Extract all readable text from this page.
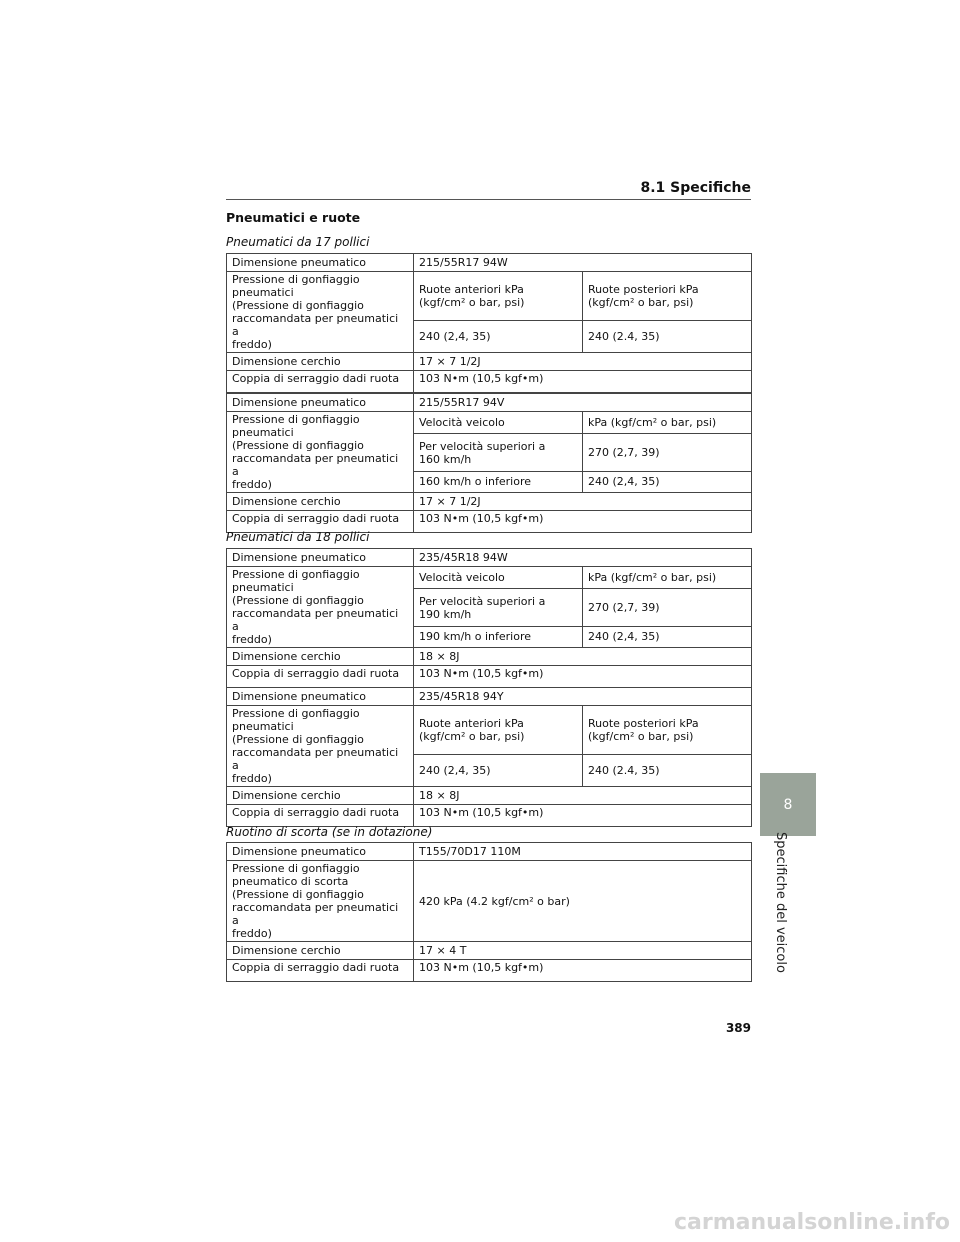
8.1 Specifiche
Pneumatici e ruote
Pneumatici da 17 pollici
Dimensione pneumatico	215/55R17 94W	

Pressione di gonfiaggio
pneumatici
(Pressione di gonfiaggio
raccomandata per pneumatici a
freddo)	Ruote anteriori kPa
(kgf/cm² o bar, psi)	Ruote posteriori kPa
(kgf/cm² o bar, psi)

	240 (2,4, 35)	240 (2.4, 35)
Dimensione cerchio	17 × 7 1/2J	
Coppia di serraggio dadi ruota	103 N•m (10,5 kgf•m)	
Dimensione pneumatico	215/55R17 94V	

Pressione di gonfiaggio
pneumatici
(Pressione di gonfiaggio
raccomandata per pneumatici a
freddo)	Velocità veicolo	kPa (kgf/cm² o bar, psi)

	Per velocità superiori a
160 km/h	270 (2,7, 39)
	160 km/h o inferiore	240 (2,4, 35)
Dimensione cerchio	17 × 7 1/2J	
Coppia di serraggio dadi ruota	103 N•m (10,5 kgf•m)	
Pneumatici da 18 pollici
Dimensione pneumatico	235/45R18 94W	

Pressione di gonfiaggio
pneumatici
(Pressione di gonfiaggio
raccomandata per pneumatici a
freddo)	Velocità veicolo	kPa (kgf/cm² o bar, psi)

	Per velocità superiori a
190 km/h	270 (2,7, 39)
	190 km/h o inferiore	240 (2,4, 35)
Dimensione cerchio	18 × 8J	
Coppia di serraggio dadi ruota	103 N•m (10,5 kgf•m)	
Dimensione pneumatico	235/45R18 94Y	

Pressione di gonfiaggio
pneumatici
(Pressione di gonfiaggio
raccomandata per pneumatici a
freddo)	Ruote anteriori kPa
(kgf/cm² o bar, psi)	Ruote posteriori kPa
(kgf/cm² o bar, psi)

	240 (2,4, 35)	240 (2.4, 35)
Dimensione cerchio	18 × 8J	
Coppia di serraggio dadi ruota	103 N•m (10,5 kgf•m)	
Ruotino di scorta (se in dotazione)
Dimensione pneumatico	T155/70D17 110M

Pressione di gonfiaggio
pneumatico di scorta
(Pressione di gonfiaggio
raccomandata per pneumatici a
freddo)	420 kPa (4.2 kgf/cm² o bar)
Dimensione cerchio	17 × 4 T
Coppia di serraggio dadi ruota	103 N•m (10,5 kgf•m)
8
Specifiche del veicolo
389
carmanualsonline.info
